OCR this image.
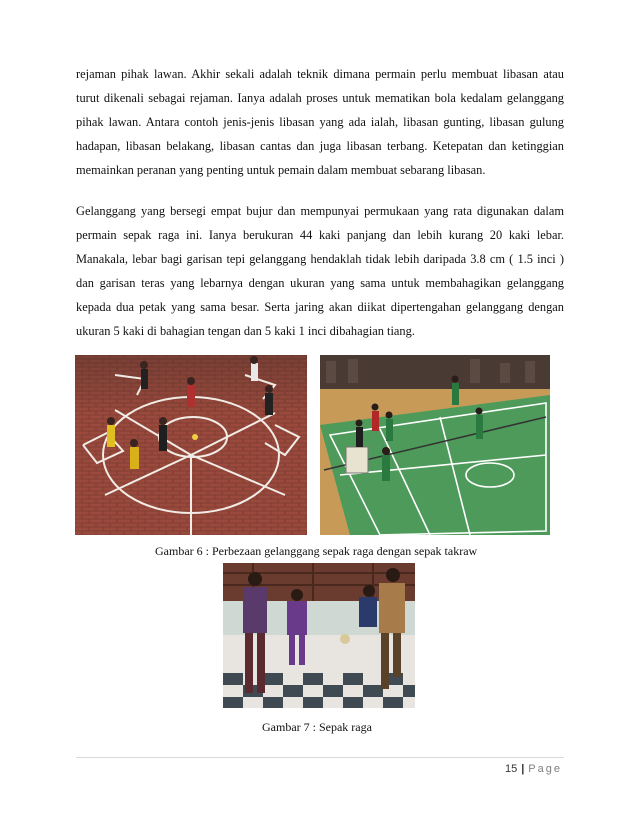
rejaman pihak lawan. Akhir sekali adalah teknik dimana permain perlu membuat libasan atau
turut dikenali sebagai rejaman. Ianya adalah proses untuk mematikan bola kedalam gelanggang
pihak lawan. Antara contoh jenis-jenis libasan yang ada ialah, libasan gunting, libasan gulung
hadapan, libasan belakang, libasan cantas dan juga libasan terbang. Ketepatan dan ketinggian
memainkan peranan yang penting untuk pemain dalam membuat sebarang libasan.
Gelanggang yang bersegi empat bujur dan mempunyai permukaan yang rata digunakan dalam
permain sepak raga ini. Ianya berukuran 44 kaki panjang dan lebih kurang 20 kaki lebar.
Manakala, lebar bagi garisan tepi gelanggang hendaklah tidak lebih daripada 3.8 cm ( 1.5 inci )
dan garisan teras yang lebarnya dengan ukuran yang sama untuk membahagikan gelanggang
kepada dua petak yang sama besar. Serta jaring akan diikat dipertengahan gelanggang dengan
ukuran 5 kaki di bahagian tengan dan 5 kaki 1 inci dibahagian tiang.
Gambar 6 : Perbezaan gelanggang sepak raga dengan sepak takraw
Gambar 7 : Sepak raga
15 | Page
